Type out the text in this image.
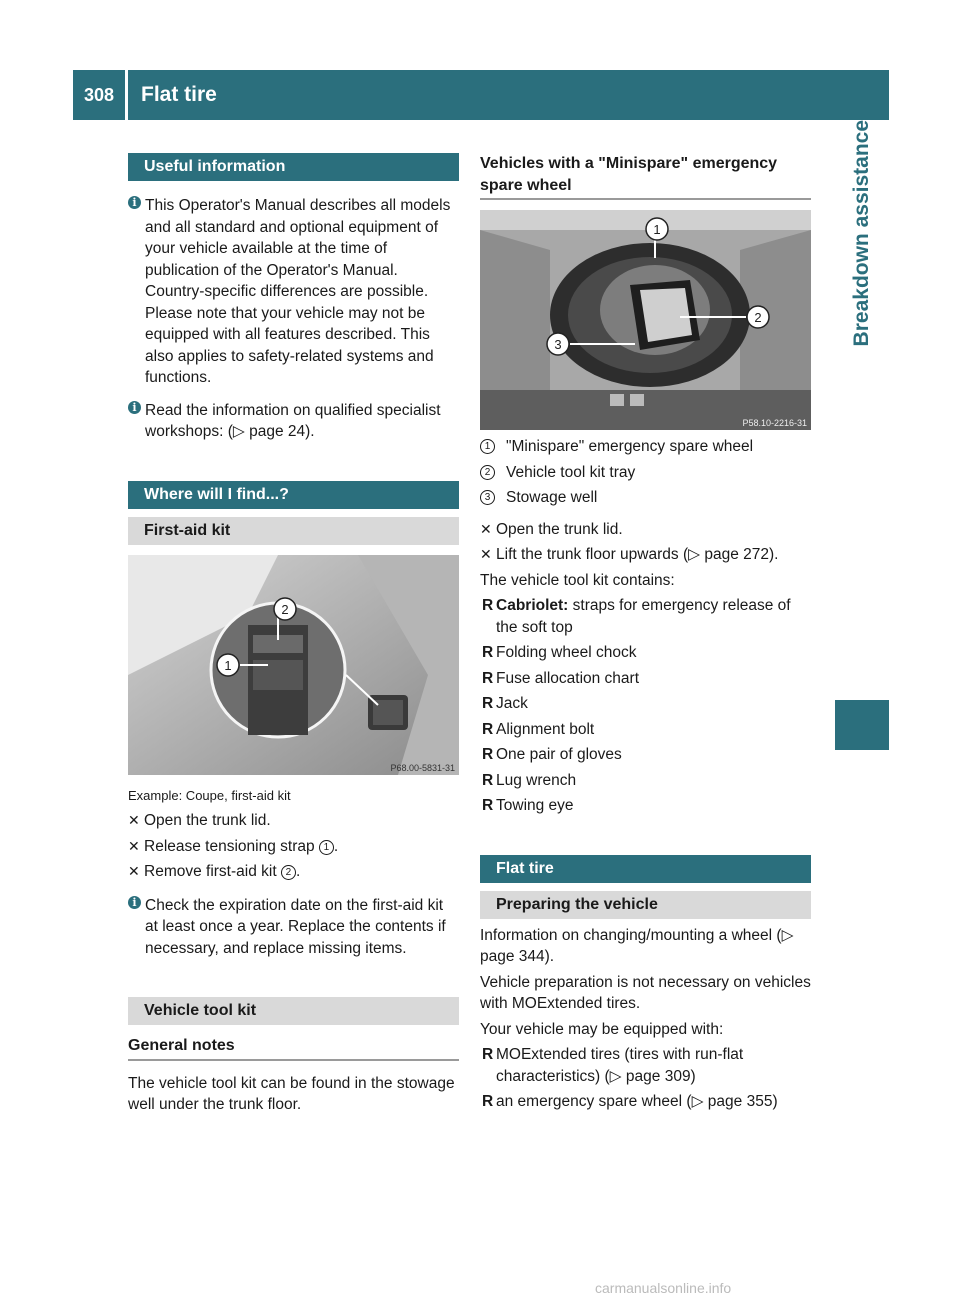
308	Flat tire
Breakdown assistance
Useful information
i This Operator's Manual describes all models and all standard and optional equipment of your vehicle available at the time of publication of the Operator's Manual. Country-specific differences are possible. Please note that your vehicle may not be equipped with all features described. This also applies to safety-related systems and functions.
i Read the information on qualified specialist workshops: (▷ page 24).
Where will I find...?
First-aid kit
2
1
P68.00-5831-31
Example: Coupe, first-aid kit
✕ Open the trunk lid.
✕ Release tensioning strap 1 .
✕ Remove first-aid kit 2 .
i Check the expiration date on the first-aid kit at least once a year. Replace the contents if necessary, and replace missing items.
Vehicle tool kit
General notes
The vehicle tool kit can be found in the stowage well under the trunk floor.
Vehicles with a "Minispare" emergency spare wheel
1
2
3
P58.10-2216-31
1	"Minispare" emergency spare wheel
2	Vehicle tool kit tray
3	Stowage well
✕ Open the trunk lid.
✕ Lift the trunk floor upwards (▷ page 272).
The vehicle tool kit contains:
R Cabriolet: straps for emergency release of the soft top
R Folding wheel chock
R Fuse allocation chart
R Jack
R Alignment bolt
R One pair of gloves
R Lug wrench
R Towing eye
Flat tire
Preparing the vehicle
Information on changing/mounting a wheel (▷ page 344).
Vehicle preparation is not necessary on vehicles with MOExtended tires.
Your vehicle may be equipped with:
R MOExtended tires (tires with run-flat characteristics) (▷ page 309)
R an emergency spare wheel (▷ page 355)
carmanualsonline.info
